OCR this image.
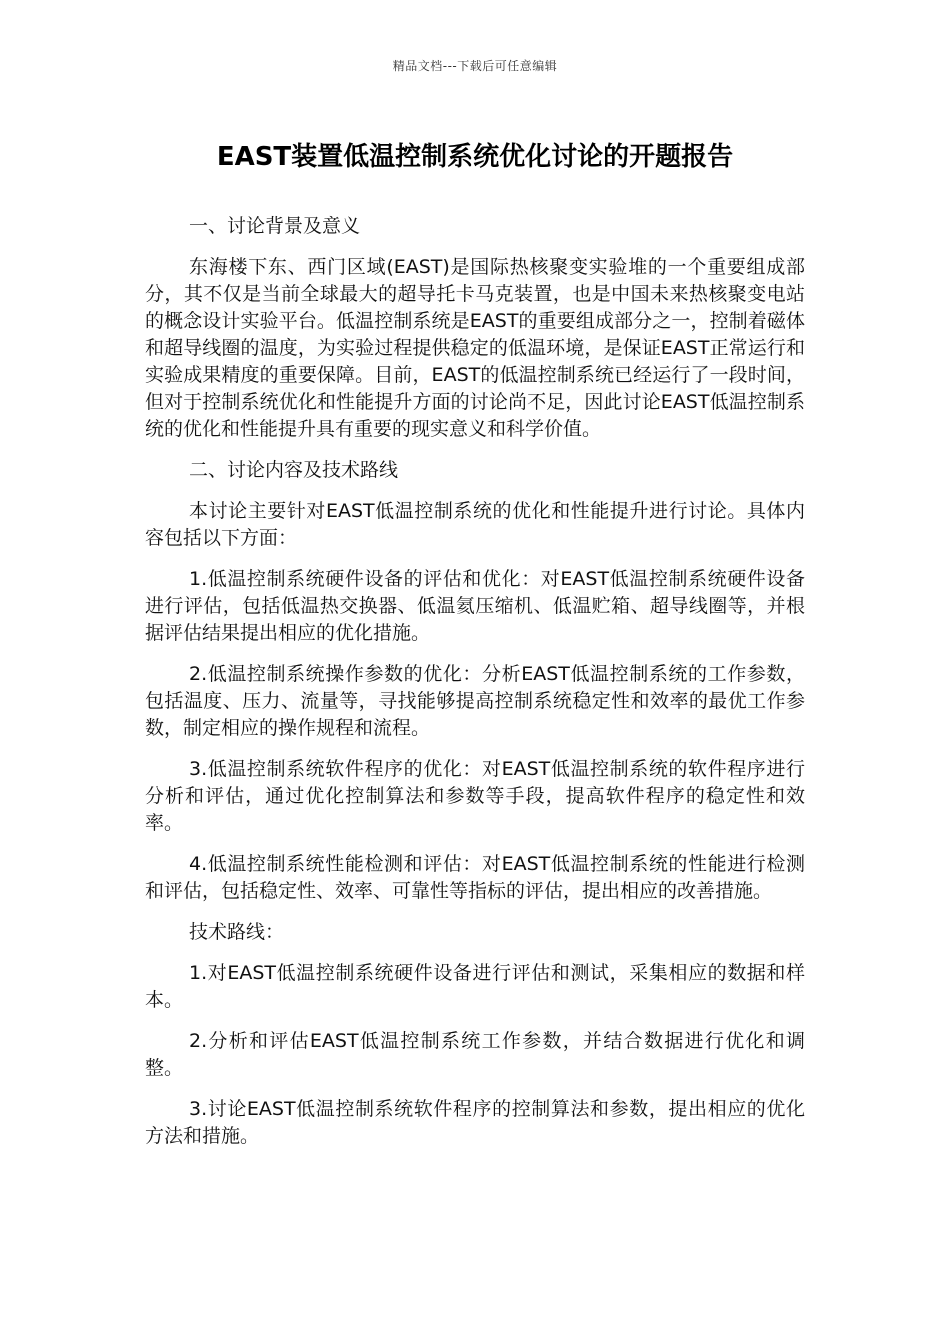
精品文档---下载后可任意编辑
EAST装置低温控制系统优化讨论的开题报告

一、讨论背景及意义

东海楼下东、西门区域(EAST)是国际热核聚变实验堆的一个重要组成部分，其不仅是当前全球最大的超导托卡马克装置，也是中国未来热核聚变电站的概念设计实验平台。低温控制系统是EAST的重要组成部分之一，控制着磁体和超导线圈的温度，为实验过程提供稳定的低温环境，是保证EAST正常运行和实验成果精度的重要保障。目前，EAST的低温控制系统已经运行了一段时间，但对于控制系统优化和性能提升方面的讨论尚不足，因此讨论EAST低温控制系统的优化和性能提升具有重要的现实意义和科学价值。

二、讨论内容及技术路线

本讨论主要针对EAST低温控制系统的优化和性能提升进行讨论。具体内容包括以下方面：

1.低温控制系统硬件设备的评估和优化：对EAST低温控制系统硬件设备进行评估，包括低温热交换器、低温氦压缩机、低温贮箱、超导线圈等，并根据评估结果提出相应的优化措施。

2.低温控制系统操作参数的优化：分析EAST低温控制系统的工作参数，包括温度、压力、流量等，寻找能够提高控制系统稳定性和效率的最优工作参数，制定相应的操作规程和流程。

3.低温控制系统软件程序的优化：对EAST低温控制系统的软件程序进行分析和评估，通过优化控制算法和参数等手段，提高软件程序的稳定性和效率。

4.低温控制系统性能检测和评估：对EAST低温控制系统的性能进行检测和评估，包括稳定性、效率、可靠性等指标的评估，提出相应的改善措施。

技术路线：

1.对EAST低温控制系统硬件设备进行评估和测试，采集相应的数据和样本。

2.分析和评估EAST低温控制系统工作参数，并结合数据进行优化和调整。

3.讨论EAST低温控制系统软件程序的控制算法和参数，提出相应的优化方法和措施。
